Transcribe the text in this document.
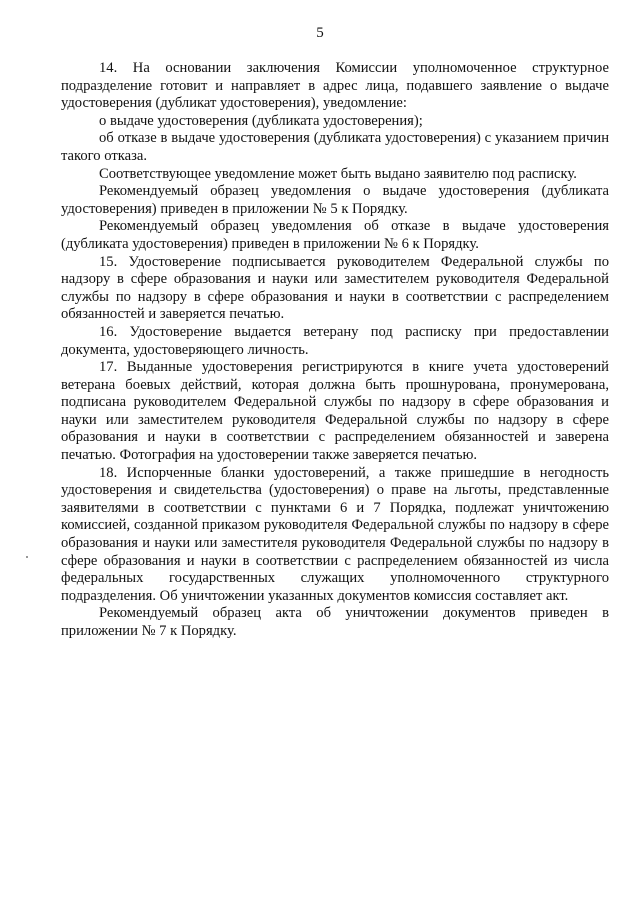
5

14. На основании заключения Комиссии уполномоченное структурное подразделение готовит и направляет в адрес лица, подавшего заявление о выдаче удостоверения (дубликат удостоверения), уведомление:

о выдаче удостоверения (дубликата удостоверения);

об отказе в выдаче удостоверения (дубликата удостоверения) с указанием причин такого отказа.

Соответствующее уведомление может быть выдано заявителю под расписку.

Рекомендуемый образец уведомления о выдаче удостоверения (дубликата удостоверения) приведен в приложении № 5 к Порядку.

Рекомендуемый образец уведомления об отказе в выдаче удостоверения (дубликата удостоверения) приведен в приложении № 6 к Порядку.

15. Удостоверение подписывается руководителем Федеральной службы по надзору в сфере образования и науки или заместителем руководителя Федеральной службы по надзору в сфере образования и науки в соответствии с распределением обязанностей и заверяется печатью.

16. Удостоверение выдается ветерану под расписку при предоставлении документа, удостоверяющего личность.

17. Выданные удостоверения регистрируются в книге учета удостоверений ветерана боевых действий, которая должна быть прошнурована, пронумерована, подписана руководителем Федеральной службы по надзору в сфере образования и науки или заместителем руководителя Федеральной службы по надзору в сфере образования и науки в соответствии с распределением обязанностей и заверена печатью. Фотография на удостоверении также заверяется печатью.

18. Испорченные бланки удостоверений, а также пришедшие в негодность удостоверения и свидетельства (удостоверения) о праве на льготы, представленные заявителями в соответствии с пунктами 6 и 7 Порядка, подлежат уничтожению комиссией, созданной приказом руководителя Федеральной службы по надзору в сфере образования и науки или заместителя руководителя Федеральной службы по надзору в сфере образования и науки в соответствии с распределением обязанностей из числа федеральных государственных служащих уполномоченного структурного подразделения. Об уничтожении указанных документов комиссия составляет акт.

Рекомендуемый образец акта об уничтожении документов приведен в приложении № 7 к Порядку.
